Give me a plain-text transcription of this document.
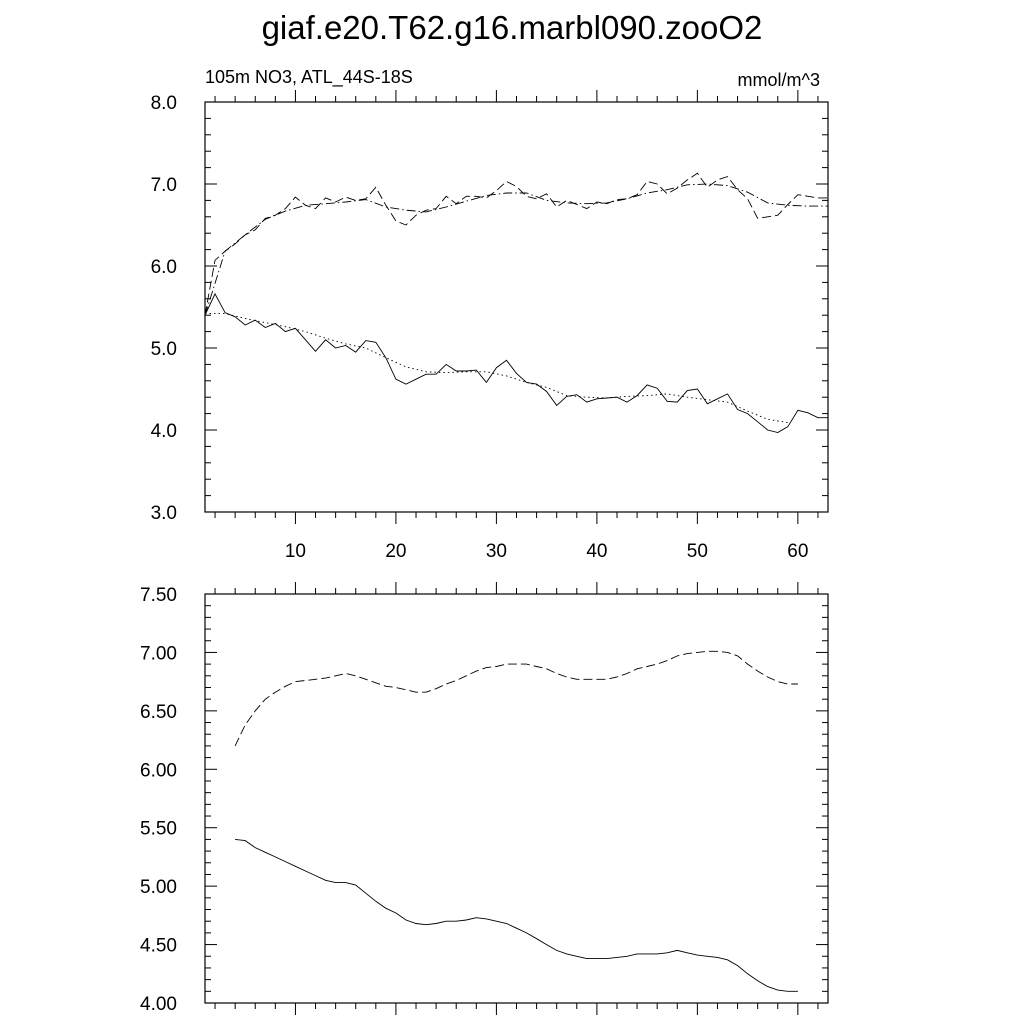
giaf.e20.T62.g16.marbl090.zooO2
10	20	30	40	50	60
3.0
4.0
5.0
6.0
7.0
8.0
105m NO3, ATL_44S-18S	mmol/m^3
4.00
4.50
5.00
5.50
6.00
6.50
7.00
7.50
